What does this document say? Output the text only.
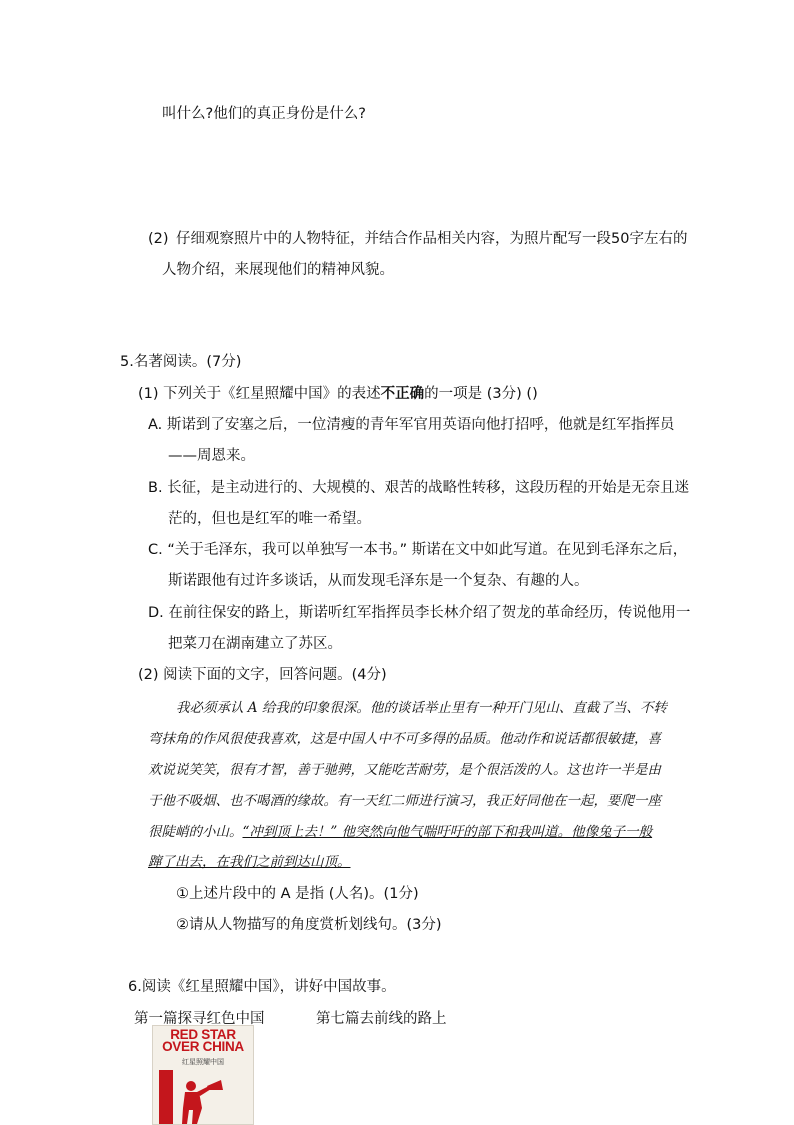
叫什么?他们的真正身份是什么?
(2) 仔细观察照片中的人物特征，并结合作品相关内容，为照片配写一段50字左右的
人物介绍，来展现他们的精神风貌。
5.名著阅读。(7分)
(1) 下列关于《红星照耀中国》的表述不正确的一项是 (3分) ()
A. 斯诺到了安塞之后，一位清瘦的青年军官用英语向他打招呼，他就是红军指挥员
——周恩来。
B. 长征，是主动进行的、大规模的、艰苦的战略性转移，这段历程的开始是无奈且迷
茫的，但也是红军的唯一希望。
C. “关于毛泽东，我可以单独写一本书。” 斯诺在文中如此写道。在见到毛泽东之后，
斯诺跟他有过许多谈话，从而发现毛泽东是一个复杂、有趣的人。
D. 在前往保安的路上，斯诺听红军指挥员李长林介绍了贺龙的革命经历，传说他用一
把菜刀在湖南建立了苏区。
(2) 阅读下面的文字，回答问题。(4分)
我必须承认 A 给我的印象很深。他的谈话举止里有一种开门见山、直截了当、不转
弯抹角的作风很使我喜欢，这是中国人中不可多得的品质。他动作和说话都很敏捷，喜
欢说说笑笑，很有才智，善于驰骋，又能吃苦耐劳，是个很活泼的人。这也许一半是由
于他不吸烟、也不喝酒的缘故。有一天红二师进行演习，我正好同他在一起，要爬一座
很陡峭的小山。“冲到顶上去！” 他突然向他气喘吁吁的部下和我叫道。他像兔子一般
蹿了出去，在我们之前到达山顶。
①上述片段中的 A 是指 (人名)。(1分)
②请从人物描写的角度赏析划线句。(3分)
6.阅读《红星照耀中国》，讲好中国故事。
RED STAR
OVER CHINA
红星照耀中国
第一篇探寻红色中国	第七篇去前线的路上
